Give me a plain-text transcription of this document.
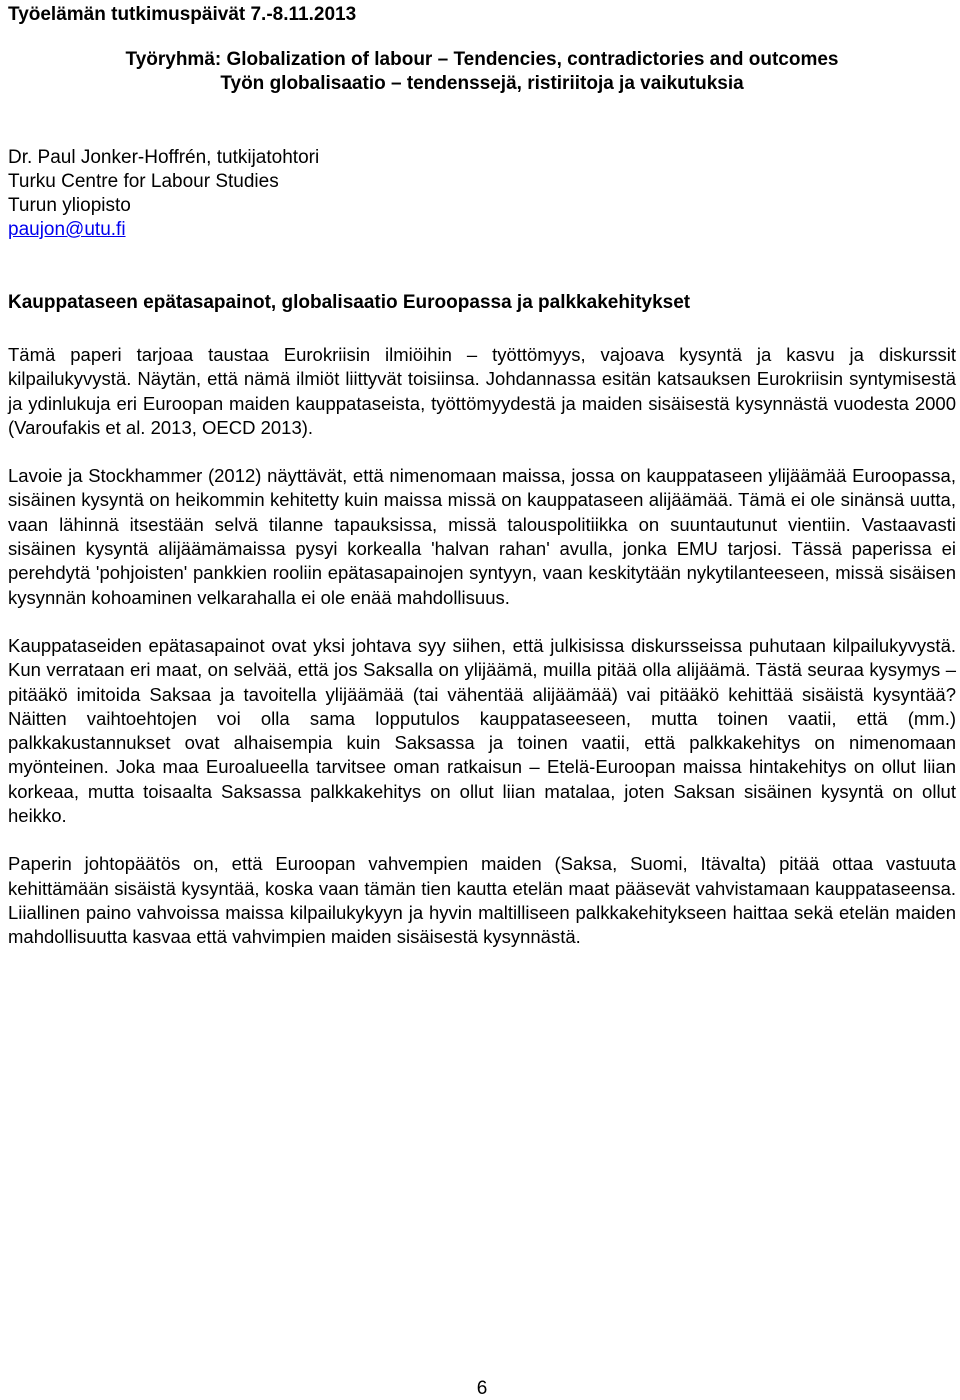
Työelämän tutkimuspäivät 7.-8.11.2013
Työryhmä: Globalization of labour – Tendencies, contradictories and outcomes
Työn globalisaatio – tendenssejä, ristiriitoja ja vaikutuksia
Dr. Paul Jonker-Hoffrén, tutkijatohtori
Turku Centre for Labour Studies
Turun yliopisto
paujon@utu.fi
Kauppataseen epätasapainot, globalisaatio Euroopassa ja palkkakehitykset

Tämä paperi tarjoaa taustaa Eurokriisin ilmiöihin – työttömyys, vajoava kysyntä ja kasvu ja diskurssit kilpailukyvystä. Näytän, että nämä ilmiöt liittyvät toisiinsa. Johdannassa esitän katsauksen Eurokriisin syntymisestä ja ydinlukuja eri Euroopan maiden kauppataseista, työttömyydestä ja maiden sisäisestä kysynnästä vuodesta 2000 (Varoufakis et al. 2013, OECD 2013).

Lavoie ja Stockhammer (2012) näyttävät, että nimenomaan maissa, jossa on kauppataseen ylijäämää Euroopassa, sisäinen kysyntä on heikommin kehitetty kuin maissa missä on kauppataseen alijäämää. Tämä ei ole sinänsä uutta, vaan lähinnä itsestään selvä tilanne tapauksissa, missä talouspolitiikka on suuntautunut vientiin. Vastaavasti sisäinen kysyntä alijäämämaissa pysyi korkealla 'halvan rahan' avulla, jonka EMU tarjosi. Tässä paperissa ei perehdytä 'pohjoisten' pankkien rooliin epätasapainojen syntyyn, vaan keskitytään nykytilanteeseen, missä sisäisen kysynnän kohoaminen velkarahalla ei ole enää mahdollisuus.

Kauppataseiden epätasapainot ovat yksi johtava syy siihen, että julkisissa diskursseissa puhutaan kilpailukyvystä. Kun verrataan eri maat, on selvää, että jos Saksalla on ylijäämä, muilla pitää olla alijäämä. Tästä seuraa kysymys – pitääkö imitoida Saksaa ja tavoitella ylijäämää (tai vähentää alijäämää) vai pitääkö kehittää sisäistä kysyntää? Näitten vaihtoehtojen voi olla sama lopputulos kauppataseeseen, mutta toinen vaatii, että (mm.) palkkakustannukset ovat alhaisempia kuin Saksassa ja toinen vaatii, että palkkakehitys on nimenomaan myönteinen. Joka maa Euroalueella tarvitsee oman ratkaisun – Etelä-Euroopan maissa hintakehitys on ollut liian korkeaa, mutta toisaalta Saksassa palkkakehitys on ollut liian matalaa, joten Saksan sisäinen kysyntä on ollut heikko.

Paperin johtopäätös on, että Euroopan vahvempien maiden (Saksa, Suomi, Itävalta) pitää ottaa vastuuta kehittämään sisäistä kysyntää, koska vaan tämän tien kautta etelän maat pääsevät vahvistamaan kauppataseensa. Liiallinen paino vahvoissa maissa kilpailukykyyn ja hyvin maltilliseen palkkakehitykseen haittaa sekä etelän maiden mahdollisuutta kasvaa että vahvimpien maiden sisäisestä kysynnästä.

6
